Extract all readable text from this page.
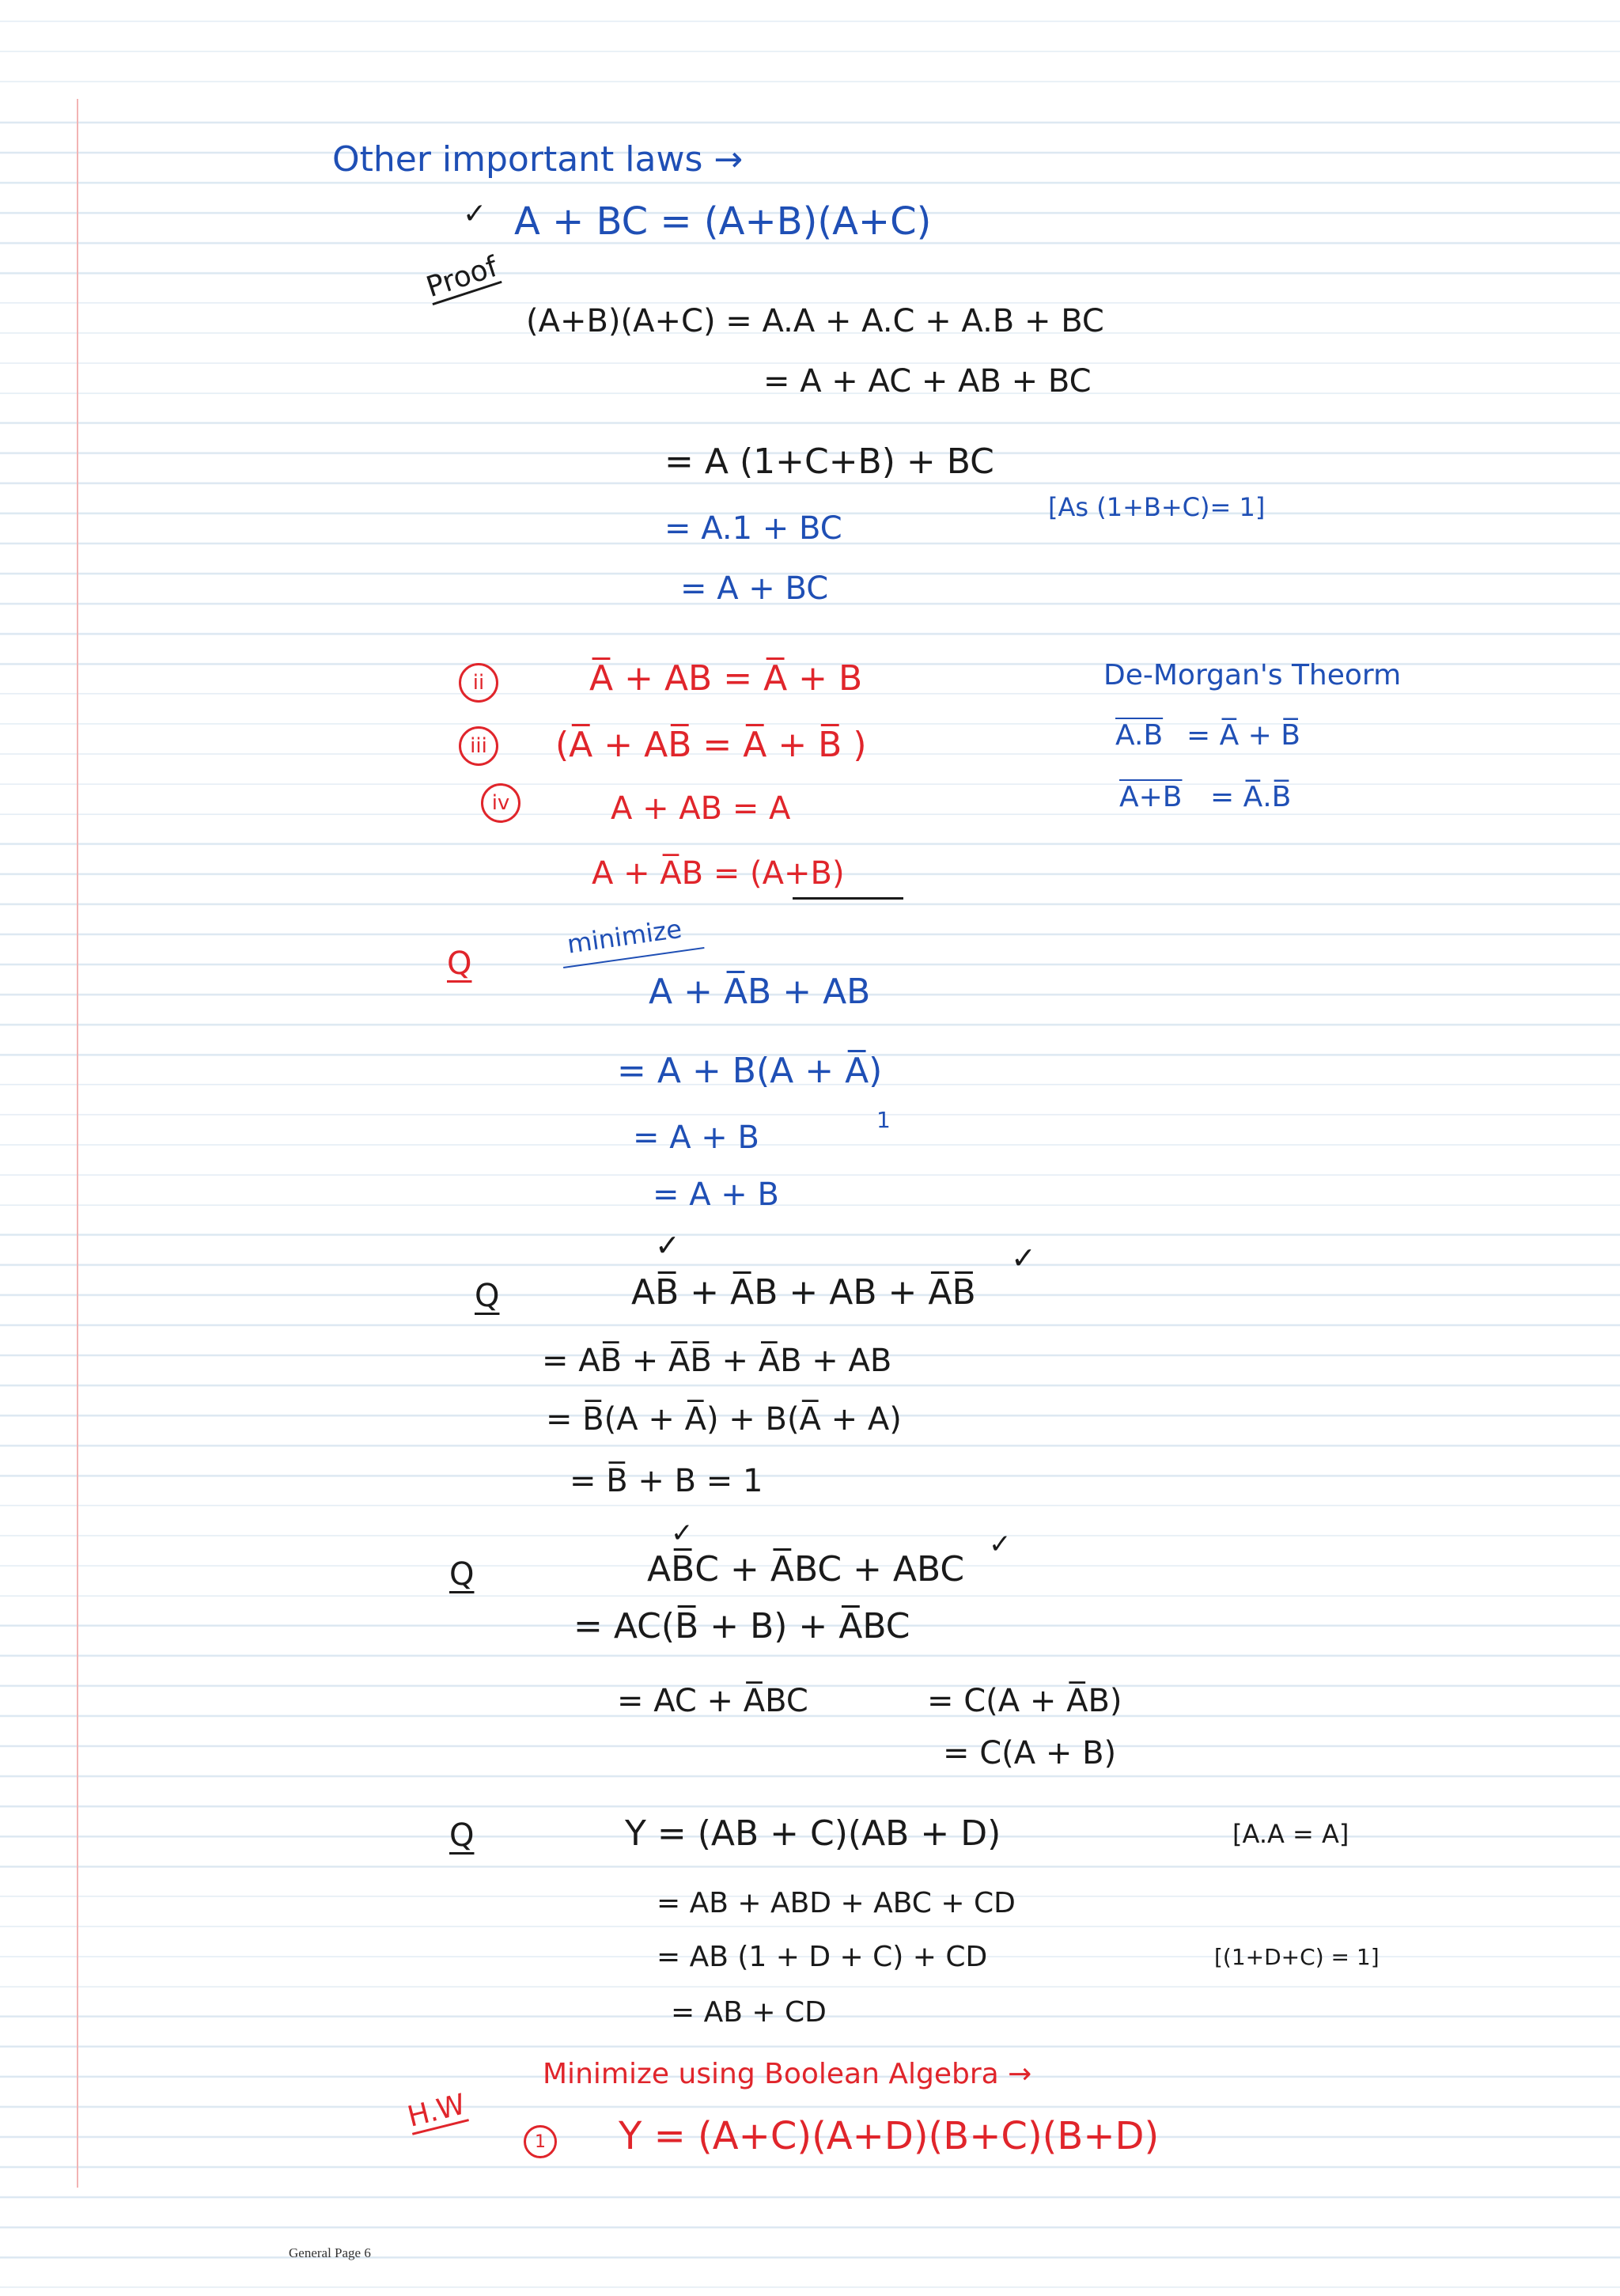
Other important laws →
✓ A + BC = (A+B)(A+C)
Proof
(A+B)(A+C) = A.A + A.C + A.B + BC
= A + AC + AB + BC
= A (1+C+B) + BC
= A.1 + BC
= A + BC
[As (1+B+C)= 1]
ii	A̅ + AB = A̅ + B
iii	(A̅ + AB̅ = A̅ + B̅ )
iv	A + AB = A
A + A̅B = (A+B)
De-Morgan's Theorm
A.B = A̅ + B̅
A+B = A̅.B̅
Q
minimize
A + A̅B + AB
= A + B(A + A̅)
1
= A + B
= A + B
✓	✓
Q	AB̅ + A̅B + AB + A̅B̅
= AB̅ + A̅B̅ + A̅B + AB
= B̅(A + A̅) + B(A̅ + A)
= B̅ + B = 1
✓	✓
Q	AB̅C + A̅BC + ABC
= AC(B̅ + B) + A̅BC
= AC + A̅BC	= C(A + A̅B)
= C(A + B)
Q	Y = (AB + C)(AB + D)
= AB + ABD + ABC + CD
= AB (1 + D + C) + CD
= AB + CD
[A.A = A]
[(1+D+C) = 1]
H.W
Minimize using Boolean Algebra →
1 Y = (A+C)(A+D)(B+C)(B+D)
General Page 6
